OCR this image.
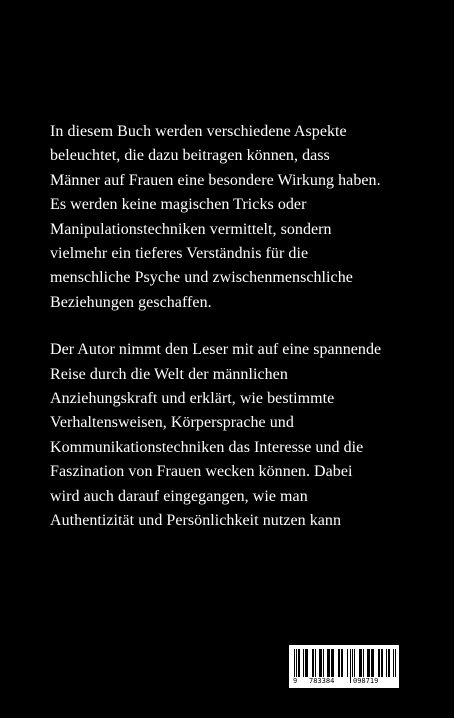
In diesem Buch werden verschiedene Aspekte
beleuchtet, die dazu beitragen können, dass
Männer auf Frauen eine besondere Wirkung haben.
Es werden keine magischen Tricks oder
Manipulationstechniken vermittelt, sondern
vielmehr ein tieferes Verständnis für die
menschliche Psyche und zwischenmenschliche
Beziehungen geschaffen.

Der Autor nimmt den Leser mit auf eine spannende
Reise durch die Welt der männlichen
Anziehungskraft und erklärt, wie bestimmte
Verhaltensweisen, Körpersprache und
Kommunikationstechniken das Interesse und die
Faszination von Frauen wecken können. Dabei
wird auch darauf eingegangen, wie man
Authentizität und Persönlichkeit nutzen kann

9 783384	098719
